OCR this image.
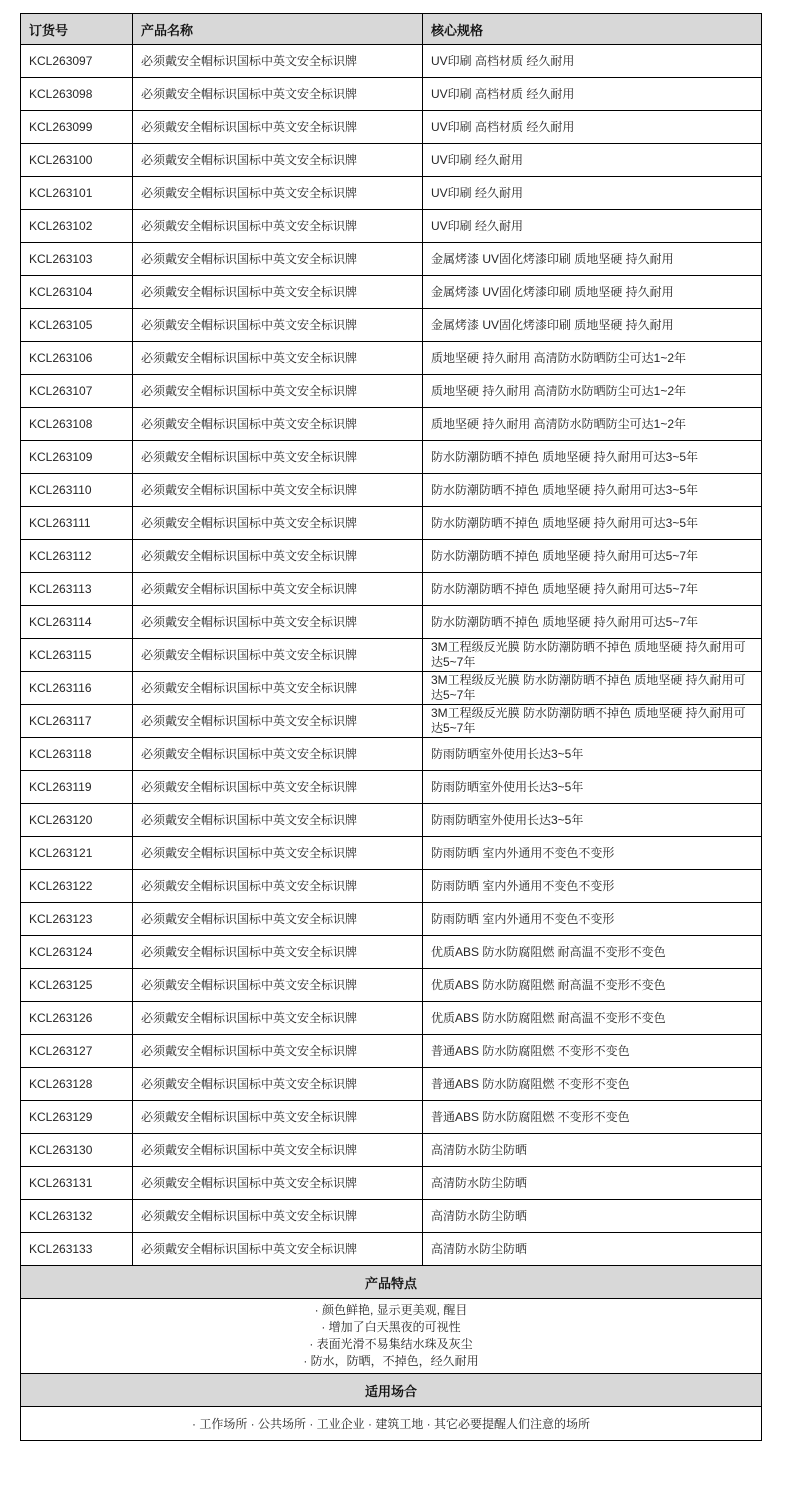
订货号	产品名称	核心规格
KCL263097	必须戴安全帽标识国标中英文安全标识牌	UV印刷 高档材质 经久耐用
KCL263098	必须戴安全帽标识国标中英文安全标识牌	UV印刷 高档材质 经久耐用
KCL263099	必须戴安全帽标识国标中英文安全标识牌	UV印刷 高档材质 经久耐用
KCL263100	必须戴安全帽标识国标中英文安全标识牌	UV印刷 经久耐用
KCL263101	必须戴安全帽标识国标中英文安全标识牌	UV印刷 经久耐用
KCL263102	必须戴安全帽标识国标中英文安全标识牌	UV印刷 经久耐用
KCL263103	必须戴安全帽标识国标中英文安全标识牌	金属烤漆 UV固化烤漆印刷 质地坚硬 持久耐用
KCL263104	必须戴安全帽标识国标中英文安全标识牌	金属烤漆 UV固化烤漆印刷 质地坚硬 持久耐用
KCL263105	必须戴安全帽标识国标中英文安全标识牌	金属烤漆 UV固化烤漆印刷 质地坚硬 持久耐用
KCL263106	必须戴安全帽标识国标中英文安全标识牌	质地坚硬 持久耐用 高清防水防晒防尘可达1~2年
KCL263107	必须戴安全帽标识国标中英文安全标识牌	质地坚硬 持久耐用 高清防水防晒防尘可达1~2年
KCL263108	必须戴安全帽标识国标中英文安全标识牌	质地坚硬 持久耐用 高清防水防晒防尘可达1~2年
KCL263109	必须戴安全帽标识国标中英文安全标识牌	防水防潮防晒不掉色 质地坚硬 持久耐用可达3~5年
KCL263110	必须戴安全帽标识国标中英文安全标识牌	防水防潮防晒不掉色 质地坚硬 持久耐用可达3~5年
KCL263111	必须戴安全帽标识国标中英文安全标识牌	防水防潮防晒不掉色 质地坚硬 持久耐用可达3~5年
KCL263112	必须戴安全帽标识国标中英文安全标识牌	防水防潮防晒不掉色 质地坚硬 持久耐用可达5~7年
KCL263113	必须戴安全帽标识国标中英文安全标识牌	防水防潮防晒不掉色 质地坚硬 持久耐用可达5~7年
KCL263114	必须戴安全帽标识国标中英文安全标识牌	防水防潮防晒不掉色 质地坚硬 持久耐用可达5~7年
KCL263115	必须戴安全帽标识国标中英文安全标识牌	3M工程级反光膜 防水防潮防晒不掉色 质地坚硬 持久耐用可达5~7年
KCL263116	必须戴安全帽标识国标中英文安全标识牌	3M工程级反光膜 防水防潮防晒不掉色 质地坚硬 持久耐用可达5~7年
KCL263117	必须戴安全帽标识国标中英文安全标识牌	3M工程级反光膜 防水防潮防晒不掉色 质地坚硬 持久耐用可达5~7年
KCL263118	必须戴安全帽标识国标中英文安全标识牌	防雨防晒室外使用长达3~5年
KCL263119	必须戴安全帽标识国标中英文安全标识牌	防雨防晒室外使用长达3~5年
KCL263120	必须戴安全帽标识国标中英文安全标识牌	防雨防晒室外使用长达3~5年
KCL263121	必须戴安全帽标识国标中英文安全标识牌	防雨防晒 室内外通用不变色不变形
KCL263122	必须戴安全帽标识国标中英文安全标识牌	防雨防晒 室内外通用不变色不变形
KCL263123	必须戴安全帽标识国标中英文安全标识牌	防雨防晒 室内外通用不变色不变形
KCL263124	必须戴安全帽标识国标中英文安全标识牌	优质ABS 防水防腐阻燃 耐高温不变形不变色
KCL263125	必须戴安全帽标识国标中英文安全标识牌	优质ABS 防水防腐阻燃 耐高温不变形不变色
KCL263126	必须戴安全帽标识国标中英文安全标识牌	优质ABS 防水防腐阻燃 耐高温不变形不变色
KCL263127	必须戴安全帽标识国标中英文安全标识牌	普通ABS 防水防腐阻燃 不变形不变色
KCL263128	必须戴安全帽标识国标中英文安全标识牌	普通ABS 防水防腐阻燃 不变形不变色
KCL263129	必须戴安全帽标识国标中英文安全标识牌	普通ABS 防水防腐阻燃 不变形不变色
KCL263130	必须戴安全帽标识国标中英文安全标识牌	高清防水防尘防晒
KCL263131	必须戴安全帽标识国标中英文安全标识牌	高清防水防尘防晒
KCL263132	必须戴安全帽标识国标中英文安全标识牌	高清防水防尘防晒
KCL263133	必须戴安全帽标识国标中英文安全标识牌	高清防水防尘防晒
产品特点		

· 颜色鲜艳, 显示更美观, 醒目
· 增加了白天黑夜的可视性
· 表面光滑不易集结水珠及灰尘
· 防水，防晒，不掉色，经久耐用		

适用场合		
· 工作场所 · 公共场所 · 工业企业 · 建筑工地 · 其它必要提醒人们注意的场所		
